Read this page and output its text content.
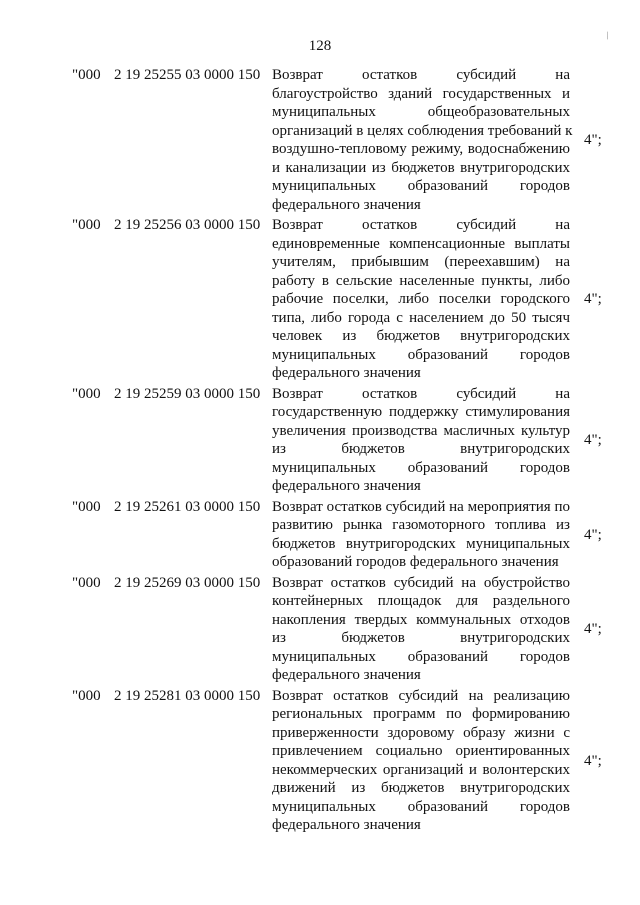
128
/
"000 2 19 25255 03 0000 150 Возврат остатков субсидий на
благоустройство зданий государственных и
муниципальных общеобразовательных
организаций в целях соблюдения требований к
воздушно-тепловому режиму, водоснабжению
и канализации из бюджетов внутригородских
муниципальных образований городов
федерального значения
4";
"000 2 19 25256 03 0000 150 Возврат остатков субсидий на
единовременные компенсационные выплаты
учителям, прибывшим (переехавшим) на
работу в сельские населенные пункты, либо
рабочие поселки, либо поселки городского
типа, либо города с населением до 50 тысяч
человек из бюджетов внутригородских
муниципальных образований городов
федерального значения
4";
"000 2 19 25259 03 0000 150 Возврат остатков субсидий на
государственную поддержку стимулирования
увеличения производства масличных культур
из бюджетов внутригородских
муниципальных образований городов
федерального значения
4";
"000 2 19 25261 03 0000 150 Возврат остатков субсидий на мероприятия по
развитию рынка газомоторного топлива из
бюджетов внутригородских муниципальных
образований городов федерального значения
4";
"000 2 19 25269 03 0000 150 Возврат остатков субсидий на обустройство
контейнерных площадок для раздельного
накопления твердых коммунальных отходов
из бюджетов внутригородских
муниципальных образований городов
федерального значения
4";
"000 2 19 25281 03 0000 150 Возврат остатков субсидий на реализацию
региональных программ по формированию
приверженности здоровому образу жизни с
привлечением социально ориентированных
некоммерческих организаций и волонтерских
движений из бюджетов внутригородских
муниципальных образований городов
федерального значения
4";
